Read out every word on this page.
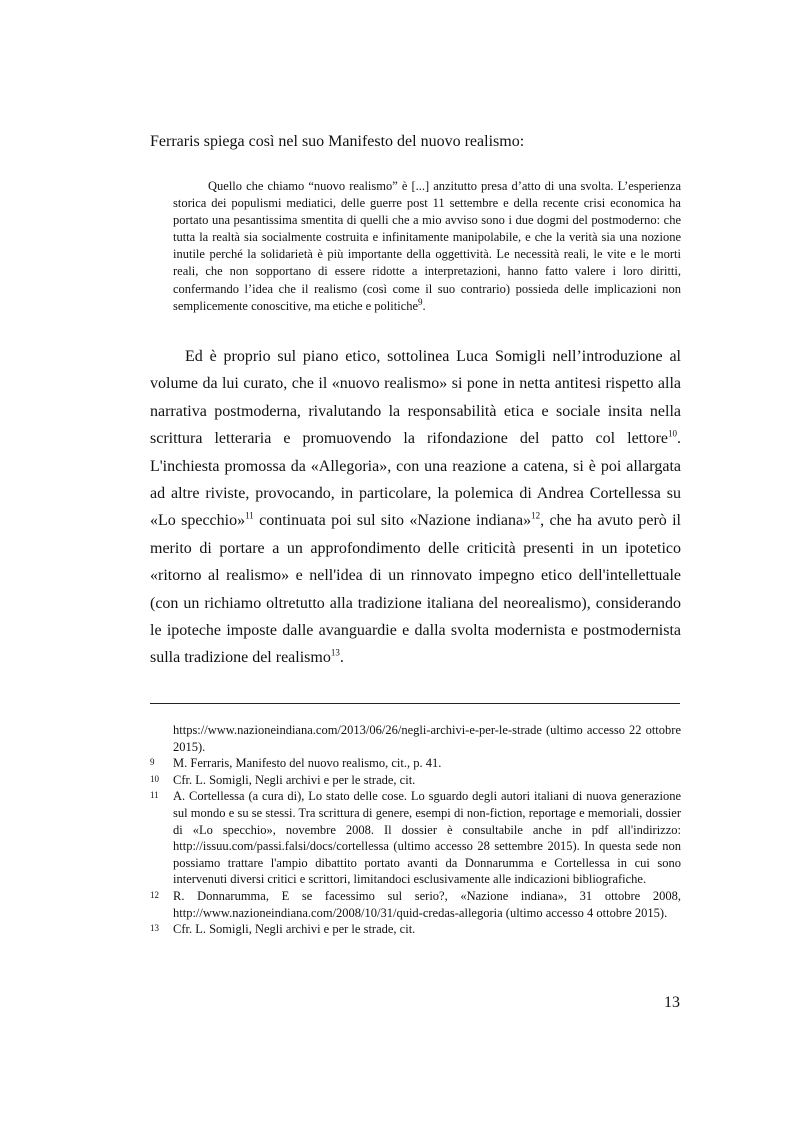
Ferraris spiega così nel suo Manifesto del nuovo realismo:

Quello che chiamo “nuovo realismo” è [...] anzitutto presa d’atto di una svolta. L’esperienza storica dei populismi mediatici, delle guerre post 11 settembre e della recente crisi economica ha portato una pesantissima smentita di quelli che a mio avviso sono i due dogmi del postmoderno: che tutta la realtà sia socialmente costruita e infinitamente manipolabile, e che la verità sia una nozione inutile perché la solidarietà è più importante della oggettività. Le necessità reali, le vite e le morti reali, che non sopportano di essere ridotte a interpretazioni, hanno fatto valere i loro diritti, confermando l’idea che il realismo (così come il suo contrario) possieda delle implicazioni non semplicemente conoscitive, ma etiche e politiche$^9$.

Ed è proprio sul piano etico, sottolinea Luca Somigli nell’introduzione al volume da lui curato, che il «nuovo realismo» si pone in netta antitesi rispetto alla narrativa postmoderna, rivalutando la responsabilità etica e sociale insita nella scrittura letteraria e promuovendo la rifondazione del patto col lettore$^{10}$. L'inchiesta promossa da «Allegoria», con una reazione a catena, si è poi allargata ad altre riviste, provocando, in particolare, la polemica di Andrea Cortellessa su «Lo specchio»$^{11}$ continuata poi sul sito «Nazione indiana»$^{12}$, che ha avuto però il merito di portare a un approfondimento delle criticità presenti in un ipotetico «ritorno al realismo» e nell'idea di un rinnovato impegno etico dell'intellettuale (con un richiamo oltretutto alla tradizione italiana del neorealismo), considerando le ipoteche imposte dalle avanguardie e dalla svolta modernista e postmodernista sulla tradizione del realismo$^{13}$.

https://www.nazioneindiana.com/2013/06/26/negli-archivi-e-per-le-strade (ultimo accesso 22 ottobre 2015).
9	M. Ferraris, Manifesto del nuovo realismo, cit., p. 41.
10	Cfr. L. Somigli, Negli archivi e per le strade, cit.
11	A. Cortellessa (a cura di), Lo stato delle cose. Lo sguardo degli autori italiani di nuova generazione sul mondo e su se stessi. Tra scrittura di genere, esempi di non-fiction, reportage e memoriali, dossier di «Lo specchio», novembre 2008. Il dossier è consultabile anche in pdf all'indirizzo: http://issuu.com/passi.falsi/docs/cortellessa (ultimo accesso 28 settembre 2015). In questa sede non possiamo trattare l'ampio dibattito portato avanti da Donnarumma e Cortellessa in cui sono intervenuti diversi critici e scrittori, limitandoci esclusivamente alle indicazioni bibliografiche.
12	R. Donnarumma, E se facessimo sul serio?, «Nazione indiana», 31 ottobre 2008, http://www.nazioneindiana.com/2008/10/31/quid-credas-allegoria (ultimo accesso 4 ottobre 2015).
13	Cfr. L. Somigli, Negli archivi e per le strade, cit.
13
